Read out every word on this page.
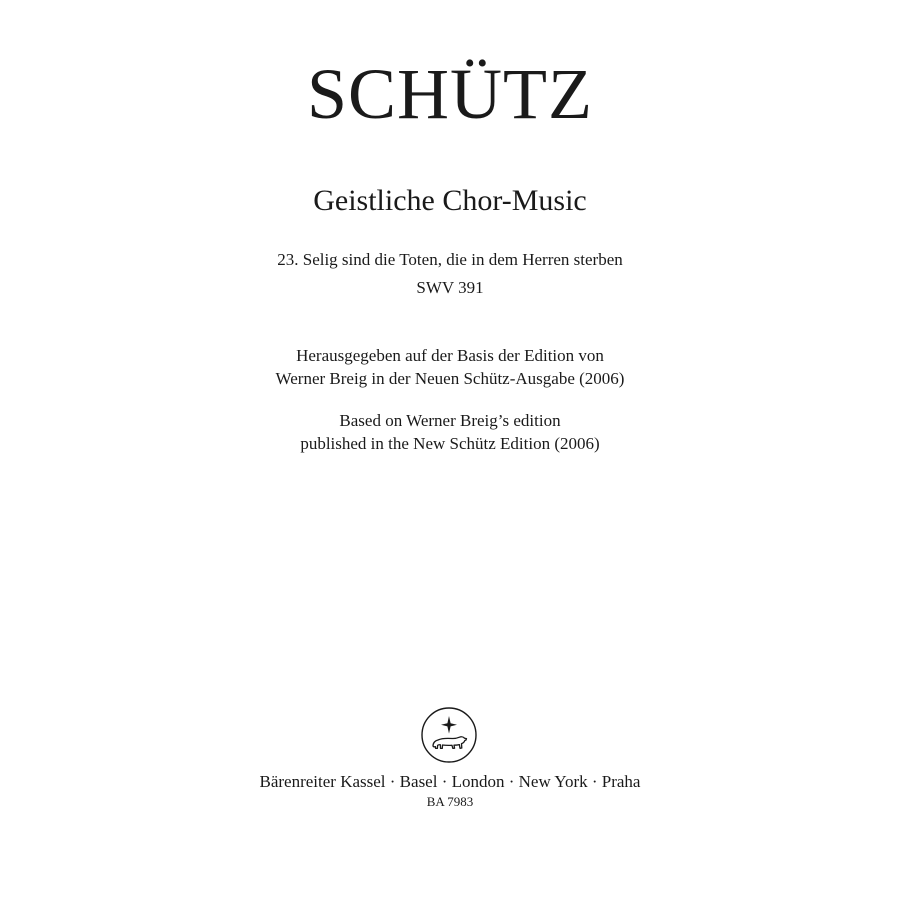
SCHÜTZ
Geistliche Chor-Music
23. Selig sind die Toten, die in dem Herren sterben
SWV 391
Herausgegeben auf der Basis der Edition von
Werner Breig in der Neuen Schütz-Ausgabe (2006)
Based on Werner Breig’s edition
published in the New Schütz Edition (2006)
Bärenreiter Kassel · Basel · London · New York · Praha
BA 7983
